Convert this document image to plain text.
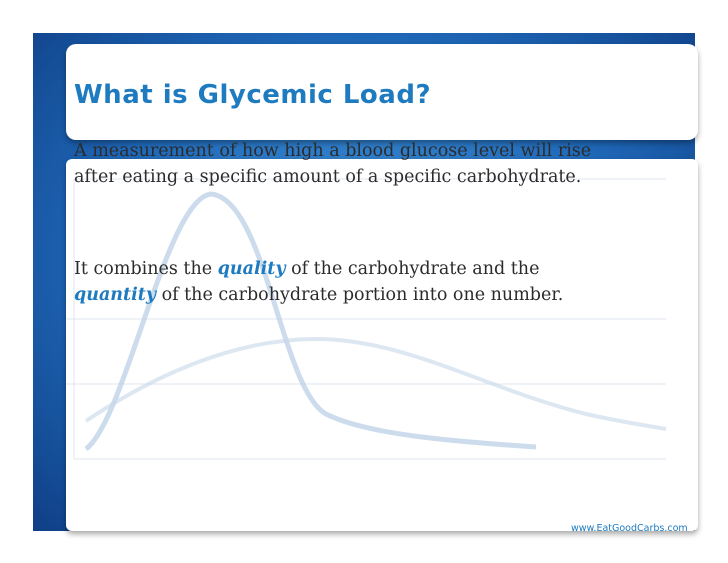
What is Glycemic Load?
A measurement of how high a blood glucose level will rise
after eating a specific amount of a specific carbohydrate.
It combines the quality of the carbohydrate and the
quantity of the carbohydrate portion into one number.

www.EatGoodCarbs.com
